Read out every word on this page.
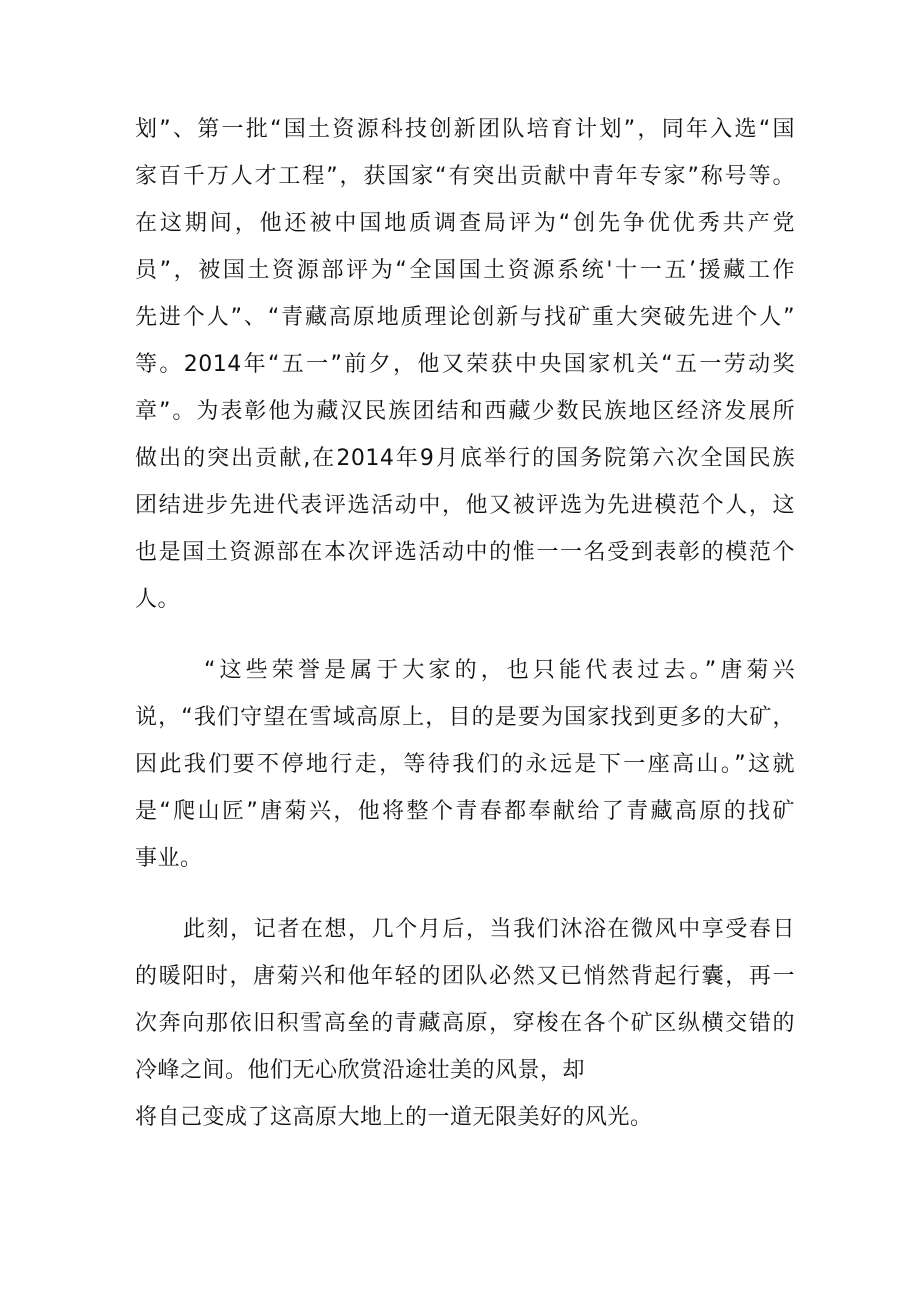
划”、第一批“国土资源科技创新团队培育计划”，同年入选“国
家百千万人才工程”，获国家“有突出贡献中青年专家”称号等。
在这期间，他还被中国地质调查局评为“创先争优优秀共产党
员”，被国土资源部评为“全国国土资源系统'十一五’援藏工作
先进个人”、“青藏高原地质理论创新与找矿重大突破先进个人”
等。2014年“五一”前夕，他又荣获中央国家机关“五一劳动奖
章”。为表彰他为藏汉民族团结和西藏少数民族地区经济发展所
做出的突出贡献,在2014年9月底举行的国务院第六次全国民族
团结进步先进代表评选活动中，他又被评选为先进模范个人，这
也是国土资源部在本次评选活动中的惟一一名受到表彰的模范个
人。
“这些荣誉是属于大家的，也只能代表过去。”唐菊兴
说，“我们守望在雪域高原上，目的是要为国家找到更多的大矿，
因此我们要不停地行走，等待我们的永远是下一座高山。”这就
是“爬山匠”唐菊兴，他将整个青春都奉献给了青藏高原的找矿
事业。
此刻，记者在想，几个月后，当我们沐浴在微风中享受春日
的暖阳时，唐菊兴和他年轻的团队必然又已悄然背起行囊，再一
次奔向那依旧积雪高垒的青藏高原，穿梭在各个矿区纵横交错的
冷峰之间。他们无心欣赏沿途壮美的风景，却
将自己变成了这高原大地上的一道无限美好的风光。
